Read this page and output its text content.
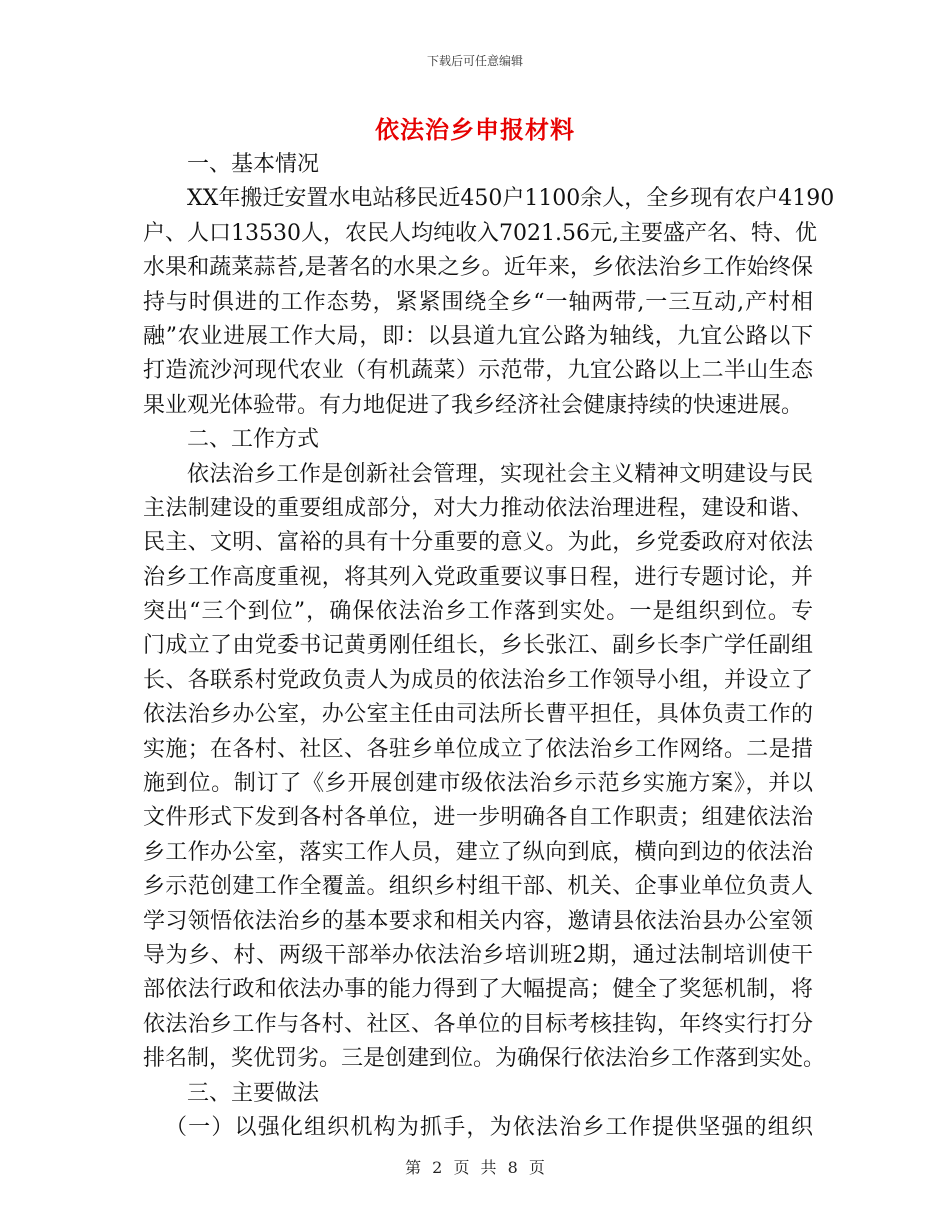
下载后可任意编辑
依法治乡申报材料
一、基本情况
XX年搬迁安置水电站移民近450户1100余人，全乡现有农户4190
户、人口13530人，农民人均纯收入7021.56元,主要盛产名、特、优
水果和蔬菜蒜苔,是著名的水果之乡。近年来，乡依法治乡工作始终保
持与时俱进的工作态势，紧紧围绕全乡“一轴两带,一三互动,产村相
融”农业进展工作大局，即：以县道九宜公路为轴线，九宜公路以下
打造流沙河现代农业（有机蔬菜）示范带，九宜公路以上二半山生态
果业观光体验带。有力地促进了我乡经济社会健康持续的快速进展。
二、工作方式
依法治乡工作是创新社会管理，实现社会主义精神文明建设与民
主法制建设的重要组成部分，对大力推动依法治理进程，建设和谐、
民主、文明、富裕的具有十分重要的意义。为此，乡党委政府对依法
治乡工作高度重视，将其列入党政重要议事日程，进行专题讨论，并
突出“三个到位”，确保依法治乡工作落到实处。一是组织到位。专
门成立了由党委书记黄勇刚任组长，乡长张江、副乡长李广学任副组
长、各联系村党政负责人为成员的依法治乡工作领导小组，并设立了
依法治乡办公室，办公室主任由司法所长曹平担任，具体负责工作的
实施；在各村、社区、各驻乡单位成立了依法治乡工作网络。二是措
施到位。制订了《乡开展创建市级依法治乡示范乡实施方案》，并以
文件形式下发到各村各单位，进一步明确各自工作职责；组建依法治
乡工作办公室，落实工作人员，建立了纵向到底，横向到边的依法治
乡示范创建工作全覆盖。组织乡村组干部、机关、企事业单位负责人
学习领悟依法治乡的基本要求和相关内容，邀请县依法治县办公室领
导为乡、村、两级干部举办依法治乡培训班2期，通过法制培训使干
部依法行政和依法办事的能力得到了大幅提高；健全了奖惩机制，将
依法治乡工作与各村、社区、各单位的目标考核挂钩，年终实行打分
排名制，奖优罚劣。三是创建到位。为确保行依法治乡工作落到实处。
三、主要做法
（一）以强化组织机构为抓手，为依法治乡工作提供坚强的组织
第 2 页 共 8 页
